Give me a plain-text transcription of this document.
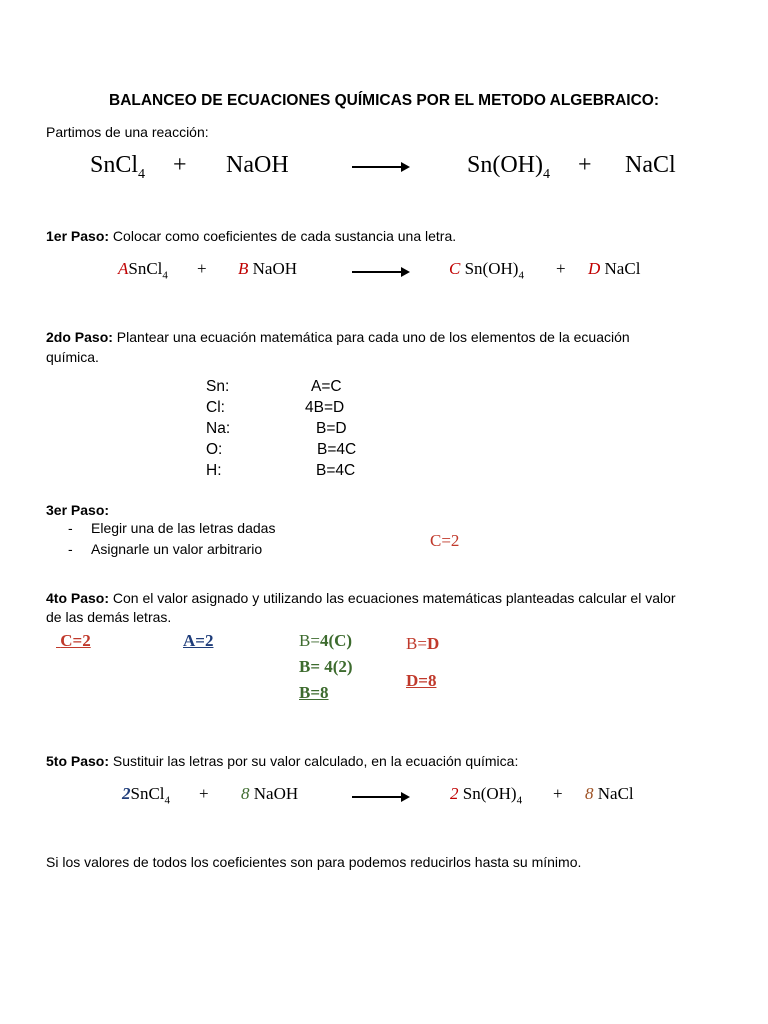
BALANCEO DE ECUACIONES QUÍMICAS POR EL METODO ALGEBRAICO:
Partimos de una reacción:
SnCl$_4$ + NaOH	$Sn(OH)_4$ + NaCl
1er Paso: Colocar como coeficientes de cada sustancia una letra.
ASnCl$_4$ + B NaOH	C $Sn(OH)_4 + D$ NaCl
2do Paso: Plantear una ecuación matemática para cada uno de los elementos de la ecuación
química.
Sn:	A=C
Cl:	4B=D
Na:	B=D
O:	B=4C
H:	B=4C
3er Paso:
- Elegir una de las letras dadas
- Asignarle un valor arbitrario	C=2
4to Paso: Con el valor asignado y utilizando las ecuaciones matemáticas planteadas calcular el valor
de las demás letras.
C=2	A=2	B=4(C)
B= 4(2)
B=8
B=D
D=8
5to Paso: Sustituir las letras por su valor calculado, en la ecuación química:
2SnCl$_4$ + 8 NaOH	2 $Sn(OH)_4 + 8$ NaCl
Si los valores de todos los coeficientes son para podemos reducirlos hasta su mínimo.
